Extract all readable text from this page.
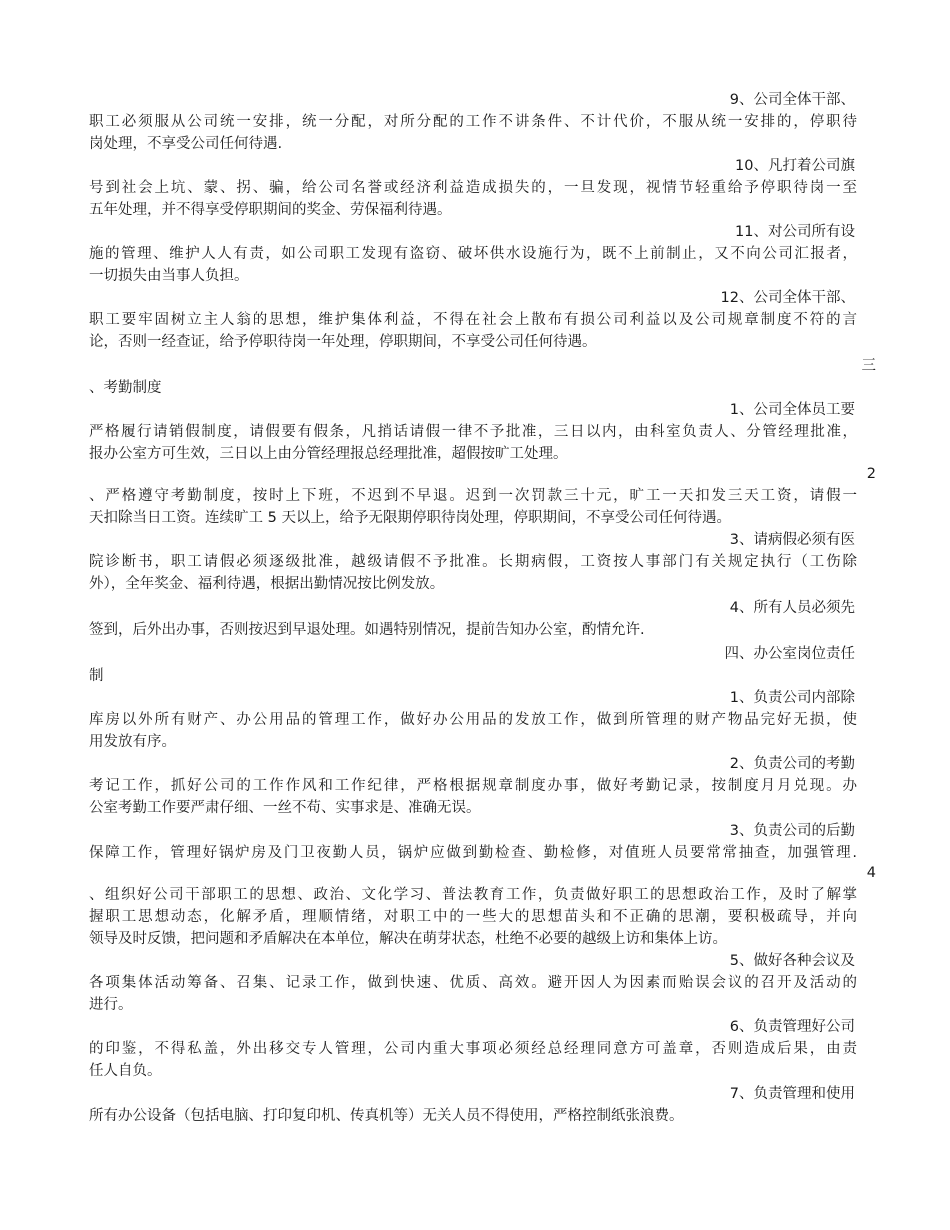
9、公司全体干部、
职工必须服从公司统一安排，统一分配，对所分配的工作不讲条件、不计代价，不服从统一安排的，停职待
岗处理，不享受公司任何待遇.
10、凡打着公司旗
号到社会上坑、蒙、拐、骗，给公司名誉或经济利益造成损失的，一旦发现，视情节轻重给予停职待岗一至
五年处理，并不得享受停职期间的奖金、劳保福利待遇。
11、对公司所有设
施的管理、维护人人有责，如公司职工发现有盗窃、破坏供水设施行为，既不上前制止，又不向公司汇报者，
一切损失由当事人负担。
12、公司全体干部、
职工要牢固树立主人翁的思想，维护集体利益，不得在社会上散布有损公司利益以及公司规章制度不符的言
论，否则一经查证，给予停职待岗一年处理，停职期间，不享受公司任何待遇。
三
、考勤制度
1、公司全体员工要
严格履行请销假制度，请假要有假条，凡捎话请假一律不予批准，三日以内，由科室负责人、分管经理批准，
报办公室方可生效，三日以上由分管经理报总经理批准，超假按旷工处理。
2
、严格遵守考勤制度，按时上下班，不迟到不早退。迟到一次罚款三十元，旷工一天扣发三天工资，请假一
天扣除当日工资。连续旷工 5 天以上，给予无限期停职待岗处理，停职期间，不享受公司任何待遇。
3、请病假必须有医
院诊断书，职工请假必须逐级批准，越级请假不予批准。长期病假，工资按人事部门有关规定执行（工伤除
外），全年奖金、福利待遇，根据出勤情况按比例发放。
4、所有人员必须先
签到，后外出办事，否则按迟到早退处理。如遇特别情况，提前告知办公室，酌情允许.
四、办公室岗位责任
制
1、负责公司内部除
库房以外所有财产、办公用品的管理工作，做好办公用品的发放工作，做到所管理的财产物品完好无损，使
用发放有序。
2、负责公司的考勤
考记工作，抓好公司的工作作风和工作纪律，严格根据规章制度办事，做好考勤记录，按制度月月兑现。办
公室考勤工作要严肃仔细、一丝不苟、实事求是、准确无误。
3、负责公司的后勤
保障工作，管理好锅炉房及门卫夜勤人员，锅炉应做到勤检查、勤检修，对值班人员要常常抽查，加强管理.
4
、组织好公司干部职工的思想、政治、文化学习、普法教育工作，负责做好职工的思想政治工作，及时了解掌
握职工思想动态，化解矛盾，理顺情绪，对职工中的一些大的思想苗头和不正确的思潮，要积极疏导，并向
领导及时反馈，把问题和矛盾解决在本单位，解决在萌芽状态，杜绝不必要的越级上访和集体上访。
5、做好各种会议及
各项集体活动筹备、召集、记录工作，做到快速、优质、高效。避开因人为因素而贻误会议的召开及活动的
进行。
6、负责管理好公司
的印鉴，不得私盖，外出移交专人管理，公司内重大事项必须经总经理同意方可盖章，否则造成后果，由责
任人自负。
7、负责管理和使用
所有办公设备（包括电脑、打印复印机、传真机等）无关人员不得使用，严格控制纸张浪费。
